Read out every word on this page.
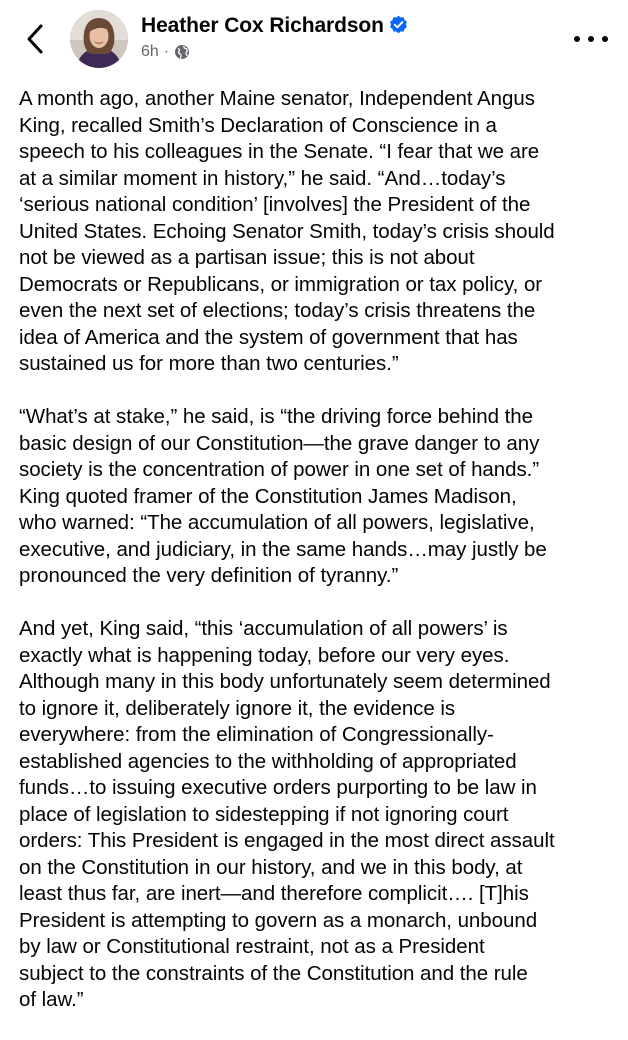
Heather Cox Richardson
6h ·

A month ago, another Maine senator, Independent Angus
King, recalled Smith’s Declaration of Conscience in a
speech to his colleagues in the Senate. “I fear that we are
at a similar moment in history,” he said. “And…today’s
‘serious national condition’ [involves] the President of the
United States. Echoing Senator Smith, today’s crisis should
not be viewed as a partisan issue; this is not about
Democrats or Republicans, or immigration or tax policy, or
even the next set of elections; today’s crisis threatens the
idea of America and the system of government that has
sustained us for more than two centuries.”

“What’s at stake,” he said, is “the driving force behind the
basic design of our Constitution—the grave danger to any
society is the concentration of power in one set of hands.”
King quoted framer of the Constitution James Madison,
who warned: “The accumulation of all powers, legislative,
executive, and judiciary, in the same hands…may justly be
pronounced the very definition of tyranny.”

And yet, King said, “this ‘accumulation of all powers’ is
exactly what is happening today, before our very eyes.
Although many in this body unfortunately seem determined
to ignore it, deliberately ignore it, the evidence is
everywhere: from the elimination of Congressionally-
established agencies to the withholding of appropriated
funds…to issuing executive orders purporting to be law in
place of legislation to sidestepping if not ignoring court
orders: This President is engaged in the most direct assault
on the Constitution in our history, and we in this body, at
least thus far, are inert—and therefore complicit…. [T]his
President is attempting to govern as a monarch, unbound
by law or Constitutional restraint, not as a President
subject to the constraints of the Constitution and the rule
of law.”
